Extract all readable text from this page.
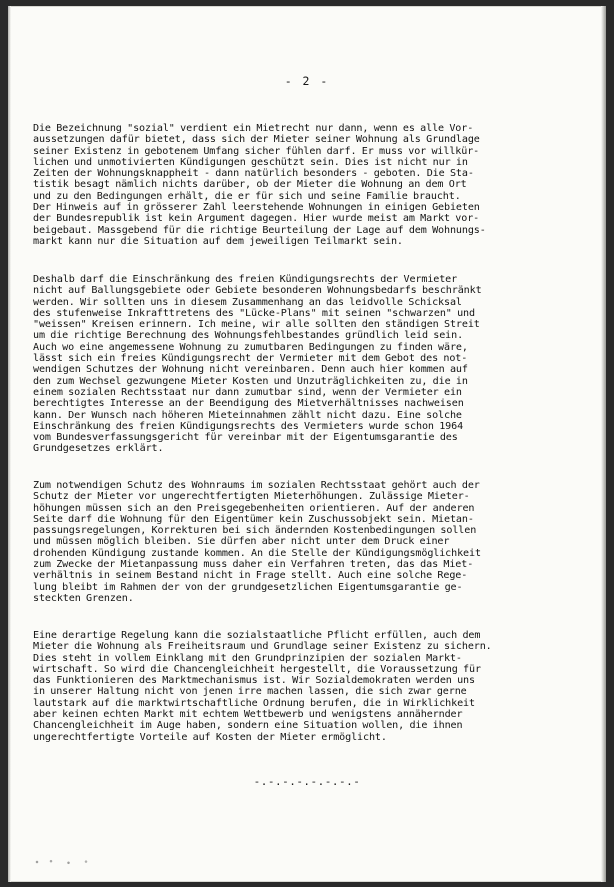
- 2 -
Die Bezeichnung "sozial" verdient ein Mietrecht nur dann, wenn es alle Vor-
aussetzungen dafür bietet, dass sich der Mieter seiner Wohnung als Grundlage
seiner Existenz in gebotenem Umfang sicher fühlen darf. Er muss vor willkür-
lichen und unmotivierten Kündigungen geschützt sein. Dies ist nicht nur in
Zeiten der Wohnungsknappheit - dann natürlich besonders - geboten. Die Sta-
tistik besagt nämlich nichts darüber, ob der Mieter die Wohnung an dem Ort
und zu den Bedingungen erhält, die er für sich und seine Familie braucht.
Der Hinweis auf in grösserer Zahl leerstehende Wohnungen in einigen Gebieten
der Bundesrepublik ist kein Argument dagegen. Hier wurde meist am Markt vor-
beigebaut. Massgebend für die richtige Beurteilung der Lage auf dem Wohnungs-
markt kann nur die Situation auf dem jeweiligen Teilmarkt sein.
Deshalb darf die Einschränkung des freien Kündigungsrechts der Vermieter
nicht auf Ballungsgebiete oder Gebiete besonderen Wohnungsbedarfs beschränkt
werden. Wir sollten uns in diesem Zusammenhang an das leidvolle Schicksal
des stufenweise Inkrafttretens des "Lücke-Plans" mit seinen "schwarzen" und
"weissen" Kreisen erinnern. Ich meine, wir alle sollten den ständigen Streit
um die richtige Berechnung des Wohnungsfehlbestandes gründlich leid sein.
Auch wo eine angemessene Wohnung zu zumutbaren Bedingungen zu finden wäre,
lässt sich ein freies Kündigungsrecht der Vermieter mit dem Gebot des not-
wendigen Schutzes der Wohnung nicht vereinbaren. Denn auch hier kommen auf
den zum Wechsel gezwungene Mieter Kosten und Unzuträglichkeiten zu, die in
einem sozialen Rechtsstaat nur dann zumutbar sind, wenn der Vermieter ein
berechtigtes Interesse an der Beendigung des Mietverhältnisses nachweisen
kann. Der Wunsch nach höheren Mieteinnahmen zählt nicht dazu. Eine solche
Einschränkung des freien Kündigungsrechts des Vermieters wurde schon 1964
vom Bundesverfassungsgericht für vereinbar mit der Eigentumsgarantie des
Grundgesetzes erklärt.
Zum notwendigen Schutz des Wohnraums im sozialen Rechtsstaat gehört auch der
Schutz der Mieter vor ungerechtfertigten Mieterhöhungen. Zulässige Mieter-
höhungen müssen sich an den Preisgegebenheiten orientieren. Auf der anderen
Seite darf die Wohnung für den Eigentümer kein Zuschussobjekt sein. Mietan-
passungsregelungen, Korrekturen bei sich ändernden Kostenbedingungen sollen
und müssen möglich bleiben. Sie dürfen aber nicht unter dem Druck einer
drohenden Kündigung zustande kommen. An die Stelle der Kündigungsmöglichkeit
zum Zwecke der Mietanpassung muss daher ein Verfahren treten, das das Miet-
verhältnis in seinem Bestand nicht in Frage stellt. Auch eine solche Rege-
lung bleibt im Rahmen der von der grundgesetzlichen Eigentumsgarantie ge-
steckten Grenzen.
Eine derartige Regelung kann die sozialstaatliche Pflicht erfüllen, auch dem
Mieter die Wohnung als Freiheitsraum und Grundlage seiner Existenz zu sichern.
Dies steht in vollem Einklang mit den Grundprinzipien der sozialen Markt-
wirtschaft. So wird die Chancengleichheit hergestellt, die Voraussetzung für
das Funktionieren des Marktmechanismus ist. Wir Sozialdemokraten werden uns
in unserer Haltung nicht von jenen irre machen lassen, die sich zwar gerne
lautstark auf die marktwirtschaftliche Ordnung berufen, die in Wirklichkeit
aber keinen echten Markt mit echtem Wettbewerb und wenigstens annähernder
Chancengleichheit im Auge haben, sondern eine Situation wollen, die ihnen
ungerechtfertigte Vorteile auf Kosten der Mieter ermöglicht.
-.-.-.-.-.-.-.-
